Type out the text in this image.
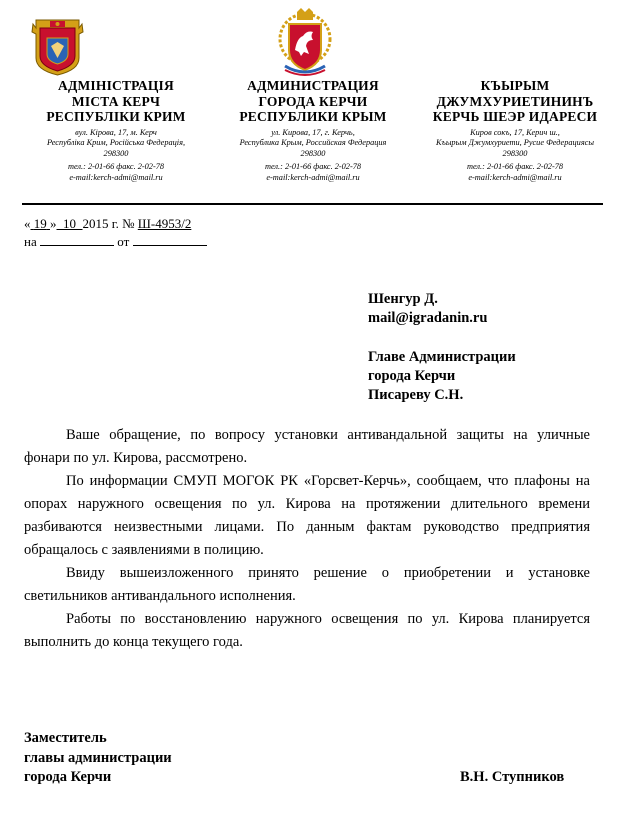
АДМІНІСТРАЦІЯ
МІСТА КЕРЧ
РЕСПУБЛІКИ КРИМ
вул. Кірова, 17, м. Керч
Республіка Крим, Російська Федерація,
298300
тел.: 2-01-66 факс. 2-02-78
e-mail:kerch-admi@mail.ru
АДМИНИСТРАЦИЯ
ГОРОДА КЕРЧИ
РЕСПУБЛИКИ КРЫМ
ул. Кирова, 17, г. Керчь,
Республика Крым, Российская Федерация
298300
тел.: 2-01-66 факс. 2-02-78
e-mail:kerch-admi@mail.ru
КЪЫРЫМ
ДЖУМХУРИЕТИНИНЪ
КЕРЧЬ ШЕЭР ИДАРЕСИ
Киров сокъ, 17, Керич ш.,
Къырым Джумхуриети, Русие Федерациясы
298300
тел.: 2-01-66 факс. 2-02-78
e-mail:kerch-admi@mail.ru
« 19 » 10 2015 г. № Ш-4953/2
на	от
Шенгур Д.
mail@igradanin.ru
Главе Администрации
города Керчи
Писареву С.Н.

Ваше обращение, по вопросу установки антивандальной защиты на уличные фонари по ул. Кирова, рассмотрено.

По информации СМУП МОГОК РК «Горсвет-Керчь», сообщаем, что плафоны на опорах наружного освещения по ул. Кирова на протяжении длительного времени разбиваются неизвестными лицами. По данным фактам руководство предприятия обращалось с заявлениями в полицию.

Ввиду вышеизложенного принято решение о приобретении и установке светильников антивандального исполнения.

Работы по восстановлению наружного освещения по ул. Кирова планируется выполнить до конца текущего года.

Заместитель
главы администрации
города Керчи	В.Н. Ступников
